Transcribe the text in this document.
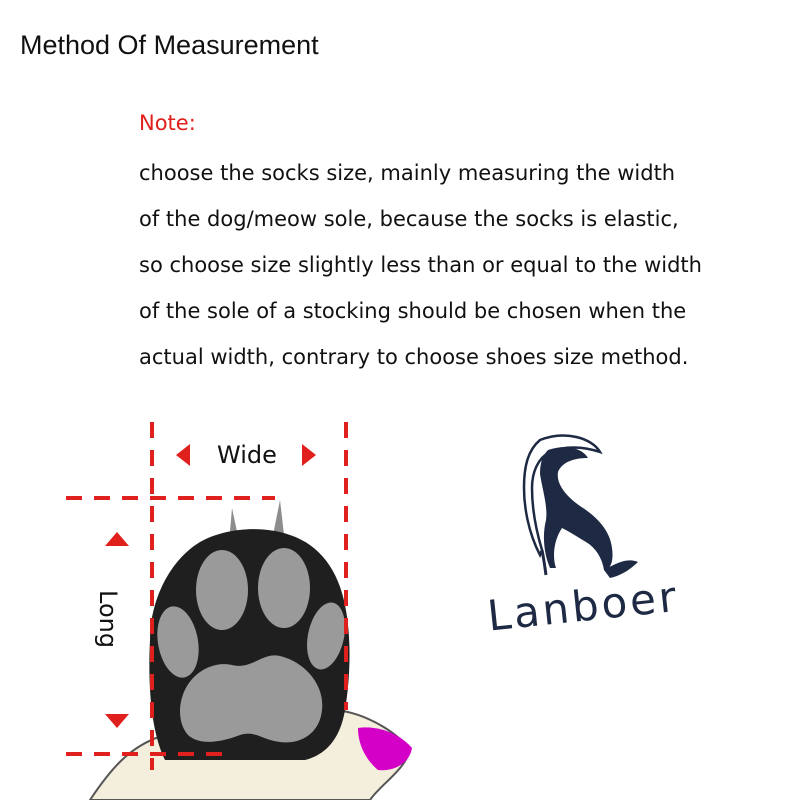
Method Of Measurement

Note:

choose the socks size, mainly measuring the width

of the dog/meow sole, because the socks is elastic,

so choose size slightly less than or equal to the width

of the sole of a stocking should be chosen when the

actual width, contrary to choose shoes size method.

Wide
Long	Lanboer
